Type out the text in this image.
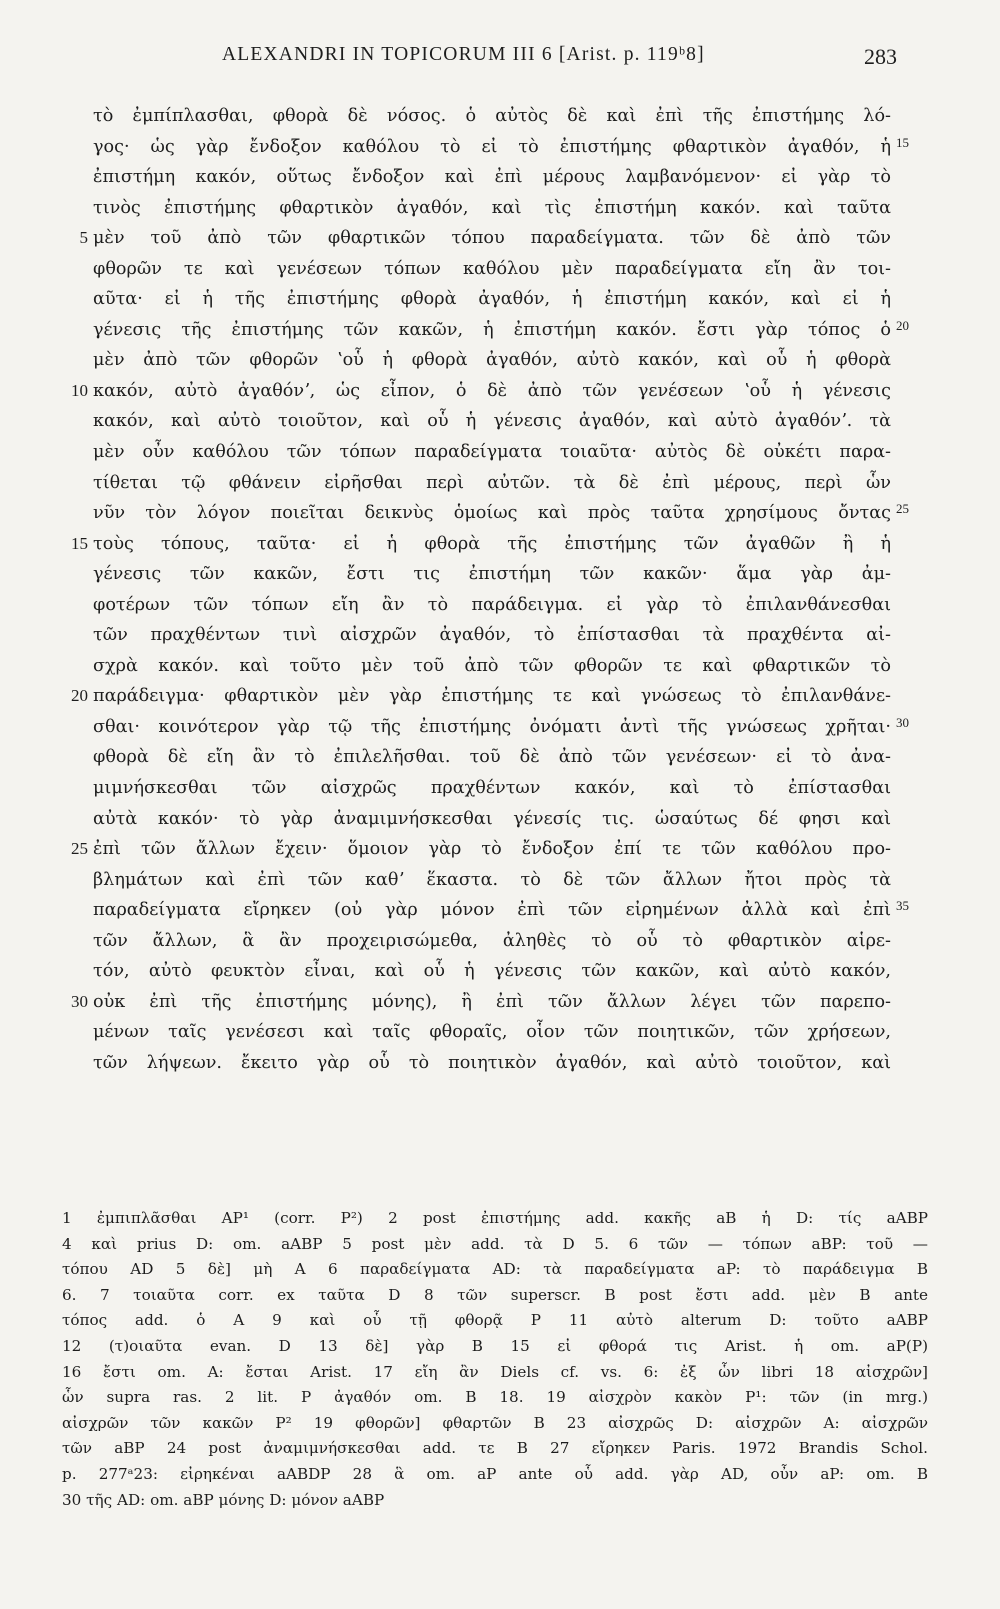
ALEXANDRI IN TOPICORUM III 6 [Arist. p. 119ᵇ8]	283
τὸ ἐμπίπλασθαι, φθορὰ δὲ νόσος. ὁ αὐτὸς δὲ καὶ ἐπὶ τῆς ἐπιστήμης λό-
γος· ὡς γὰρ ἔνδοξον καθόλου τὸ εἰ τὸ ἐπιστήμης φθαρτικὸν ἀγαθόν, ἡ 15
ἐπιστήμη κακόν, οὕτως ἔνδοξον καὶ ἐπὶ μέρους λαμβανόμενον· εἰ γὰρ τὸ
τινὸς ἐπιστήμης φθαρτικὸν ἀγαθόν, καὶ τὶς ἐπιστήμη κακόν. καὶ ταῦτα
5 μὲν τοῦ ἀπὸ τῶν φθαρτικῶν τόπου παραδείγματα. τῶν δὲ ἀπὸ τῶν
φθορῶν τε καὶ γενέσεων τόπων καθόλου μὲν παραδείγματα εἴη ἂν τοι-
αῦτα· εἰ ἡ τῆς ἐπιστήμης φθορὰ ἀγαθόν, ἡ ἐπιστήμη κακόν, καὶ εἰ ἡ
γένεσις τῆς ἐπιστήμης τῶν κακῶν, ἡ ἐπιστήμη κακόν. ἔστι γὰρ τόπος ὁ 20
μὲν ἀπὸ τῶν φθορῶν ʽοὗ ἡ φθορὰ ἀγαθόν, αὐτὸ κακόν, καὶ οὗ ἡ φθορὰ
10 κακόν, αὐτὸ ἀγαθόνʼ, ὡς εἶπον, ὁ δὲ ἀπὸ τῶν γενέσεων ʽοὗ ἡ γένεσις
κακόν, καὶ αὐτὸ τοιοῦτον, καὶ οὗ ἡ γένεσις ἀγαθόν, καὶ αὐτὸ ἀγαθόνʼ. τὰ
μὲν οὖν καθόλου τῶν τόπων παραδείγματα τοιαῦτα· αὐτὸς δὲ οὐκέτι παρα-
τίθεται τῷ φθάνειν εἰρῆσθαι περὶ αὐτῶν. τὰ δὲ ἐπὶ μέρους, περὶ ὧν
νῦν τὸν λόγον ποιεῖται δεικνὺς ὁμοίως καὶ πρὸς ταῦτα χρησίμους ὄντας 25
15 τοὺς τόπους, ταῦτα· εἰ ἡ φθορὰ τῆς ἐπιστήμης τῶν ἀγαθῶν ἢ ἡ
γένεσις τῶν κακῶν, ἔστι τις ἐπιστήμη τῶν κακῶν· ἅμα γὰρ ἀμ-
φοτέρων τῶν τόπων εἴη ἂν τὸ παράδειγμα. εἰ γὰρ τὸ ἐπιλανθάνεσθαι
τῶν πραχθέντων τινὶ αἰσχρῶν ἀγαθόν, τὸ ἐπίστασθαι τὰ πραχθέντα αἰ-
σχρὰ κακόν. καὶ τοῦτο μὲν τοῦ ἀπὸ τῶν φθορῶν τε καὶ φθαρτικῶν τὸ
20 παράδειγμα· φθαρτικὸν μὲν γὰρ ἐπιστήμης τε καὶ γνώσεως τὸ ἐπιλανθάνε-
σθαι· κοινότερον γὰρ τῷ τῆς ἐπιστήμης ὀνόματι ἀντὶ τῆς γνώσεως χρῆται· 30
φθορὰ δὲ εἴη ἂν τὸ ἐπιλελῆσθαι. τοῦ δὲ ἀπὸ τῶν γενέσεων· εἰ τὸ ἀνα-
μιμνήσκεσθαι τῶν αἰσχρῶς πραχθέντων κακόν, καὶ τὸ ἐπίστασθαι
αὐτὰ κακόν· τὸ γὰρ ἀναμιμνήσκεσθαι γένεσίς τις. ὡσαύτως δέ φησι καὶ
25 ἐπὶ τῶν ἄλλων ἔχειν· ὅμοιον γὰρ τὸ ἔνδοξον ἐπί τε τῶν καθόλου προ-
βλημάτων καὶ ἐπὶ τῶν καθʼ ἕκαστα. τὸ δὲ τῶν ἄλλων ἤτοι πρὸς τὰ
παραδείγματα εἴρηκεν (οὐ γὰρ μόνον ἐπὶ τῶν εἰρημένων ἀλλὰ καὶ ἐπὶ 35
τῶν ἄλλων, ἃ ἂν προχειρισώμεθα, ἀληθὲς τὸ οὗ τὸ φθαρτικὸν αἱρε-
τόν, αὐτὸ φευκτὸν εἶναι, καὶ οὗ ἡ γένεσις τῶν κακῶν, καὶ αὐτὸ κακόν,
30 οὐκ ἐπὶ τῆς ἐπιστήμης μόνης), ἢ ἐπὶ τῶν ἄλλων λέγει τῶν παρεπο-
μένων ταῖς γενέσεσι καὶ ταῖς φθοραῖς, οἷον τῶν ποιητικῶν, τῶν χρήσεων,
τῶν λήψεων. ἔκειτο γὰρ οὗ τὸ ποιητικὸν ἀγαθόν, καὶ αὐτὸ τοιοῦτον, καὶ
1 ἐμπιπλᾶσθαι AP¹ (corr. P²) 2 post ἐπιστήμης add. κακῆς aB ἡ D: τίς aABP
4 καὶ prius D: om. aABP 5 post μὲν add. τὰ D 5. 6 τῶν — τόπων aBP: τοῦ —
τόπου AD 5 δὲ] μὴ A 6 παραδείγματα AD: τὰ παραδείγματα aP: τὸ παράδειγμα B
6. 7 τοιαῦτα corr. ex ταῦτα D 8 τῶν superscr. B post ἔστι add. μὲν B ante
τόπος add. ὁ A 9 καὶ οὗ τῇ φθορᾷ P 11 αὐτὸ alterum D: τοῦτο aABP
12 (τ)οιαῦτα evan. D 13 δὲ] γὰρ B 15 εἰ φθορά τις Arist. ἡ om. aP(P)
16 ἔστι om. A: ἔσται Arist. 17 εἴη ἂν Diels cf. vs. 6: ἐξ ὧν libri 18 αἰσχρῶν]
ὧν supra ras. 2 lit. P ἀγαθόν om. B 18. 19 αἰσχρὸν κακὸν P¹: τῶν (in mrg.)
αἰσχρῶν τῶν κακῶν P² 19 φθορῶν] φθαρτῶν B 23 αἰσχρῶς D: αἰσχρῶν A: αἰσχρῶν
τῶν aBP 24 post ἀναμιμνήσκεσθαι add. τε B 27 εἴρηκεν Paris. 1972 Brandis Schol.
p. 277ᵃ23: εἰρηκέναι aABDP 28 ἃ om. aP ante οὗ add. γὰρ AD, οὖν aP: om. B
30 τῆς AD: om. aBP μόνης D: μόνον aABP
